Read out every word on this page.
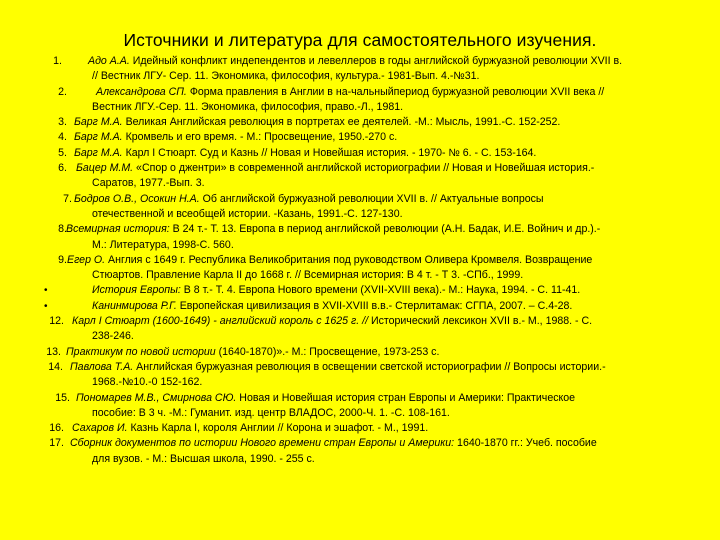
Источники и литература для самостоятельного изучения.
1.	Адо А.А. Идейный конфликт индепендентов и левеллеров в годы английской буржуазной революции XVII в.
// Вестник ЛГУ- Сер. 11. Экономика, философия, культура.- 1981-Вып. 4.-№31.
2.	Александрова СП. Форма правления в Англии в на-чальныйпериод буржуазной революции XVII века //
Вестник ЛГУ.-Сер. 11. Экономика, философия, право.-Л., 1981.
3. Барг М.А. Великая Английская революция в портретах ее деятелей. -М.: Мысль, 1991.-С. 152-252.
4. Барг М.А. Кромвель и его время. - М.: Просвещение, 1950.-270 с.
5. Барг М.А. Карл I Стюарт. Суд и Казнь // Новая и Новейшая история. - 1970- № 6. - С. 153-164.
6. Бацер М.М. «Спор о джентри» в современной английской историографии // Новая и Новейшая история.-
Саратов, 1977.-Вып. 3.
7. Бодров О.В., Осокин Н.А. Об английской буржуазной революции XVII в. // Актуальные вопросы
отечественной и всеобщей истории. -Казань, 1991.-С. 127-130.
8. Всемирная история: В 24 т.- Т. 13. Европа в период английской революции (А.Н. Бадак, И.Е. Войнич и др.).-
М.: Литература, 1998-С. 560.
9. Егер О. Англия с 1649 г. Республика Великобритания под руководством Оливера Кромвеля. Возвращение
Стюартов. Правление Карла II до 1668 г. // Всемирная история: В 4 т. - Т 3. -СПб., 1999.
•	История Европы: В 8 т.- Т. 4. Европа Нового времени (XVII-XVIII века).- М.: Наука, 1994. - С. 11-41.
•	Канинмирова Р.Г. Европейская цивилизация в XVII-XVIII в.в.- Стерлитамак: СГПА, 2007. – С.4-28.
12. Карл I Стюарт (1600-1649) - английский король с 1625 г. // Исторический лексикон XVII в.- М., 1988. - С.
238-246.
13. Практикум по новой истории (1640-1870)».- М.: Просвещение, 1973-253 с.
14. Павлова Т.А. Английская буржуазная революция в освещении светской историографии // Вопросы истории.-
1968.-№10.-0 152-162.
15. Пономарев М.В., Смирнова СЮ. Новая и Новейшая история стран Европы и Америки: Практическое
пособие: В 3 ч. -М.: Гуманит. изд. центр ВЛАДОС, 2000-Ч. 1. -С. 108-161.
16. Сахаров И. Казнь Карла I, короля Англии // Корона и эшафот. - М., 1991.
17. Сборник документов по истории Нового времени стран Европы и Америки: 1640-1870 гг.: Учеб. пособие
для вузов. - М.: Высшая школа, 1990. - 255 с.
